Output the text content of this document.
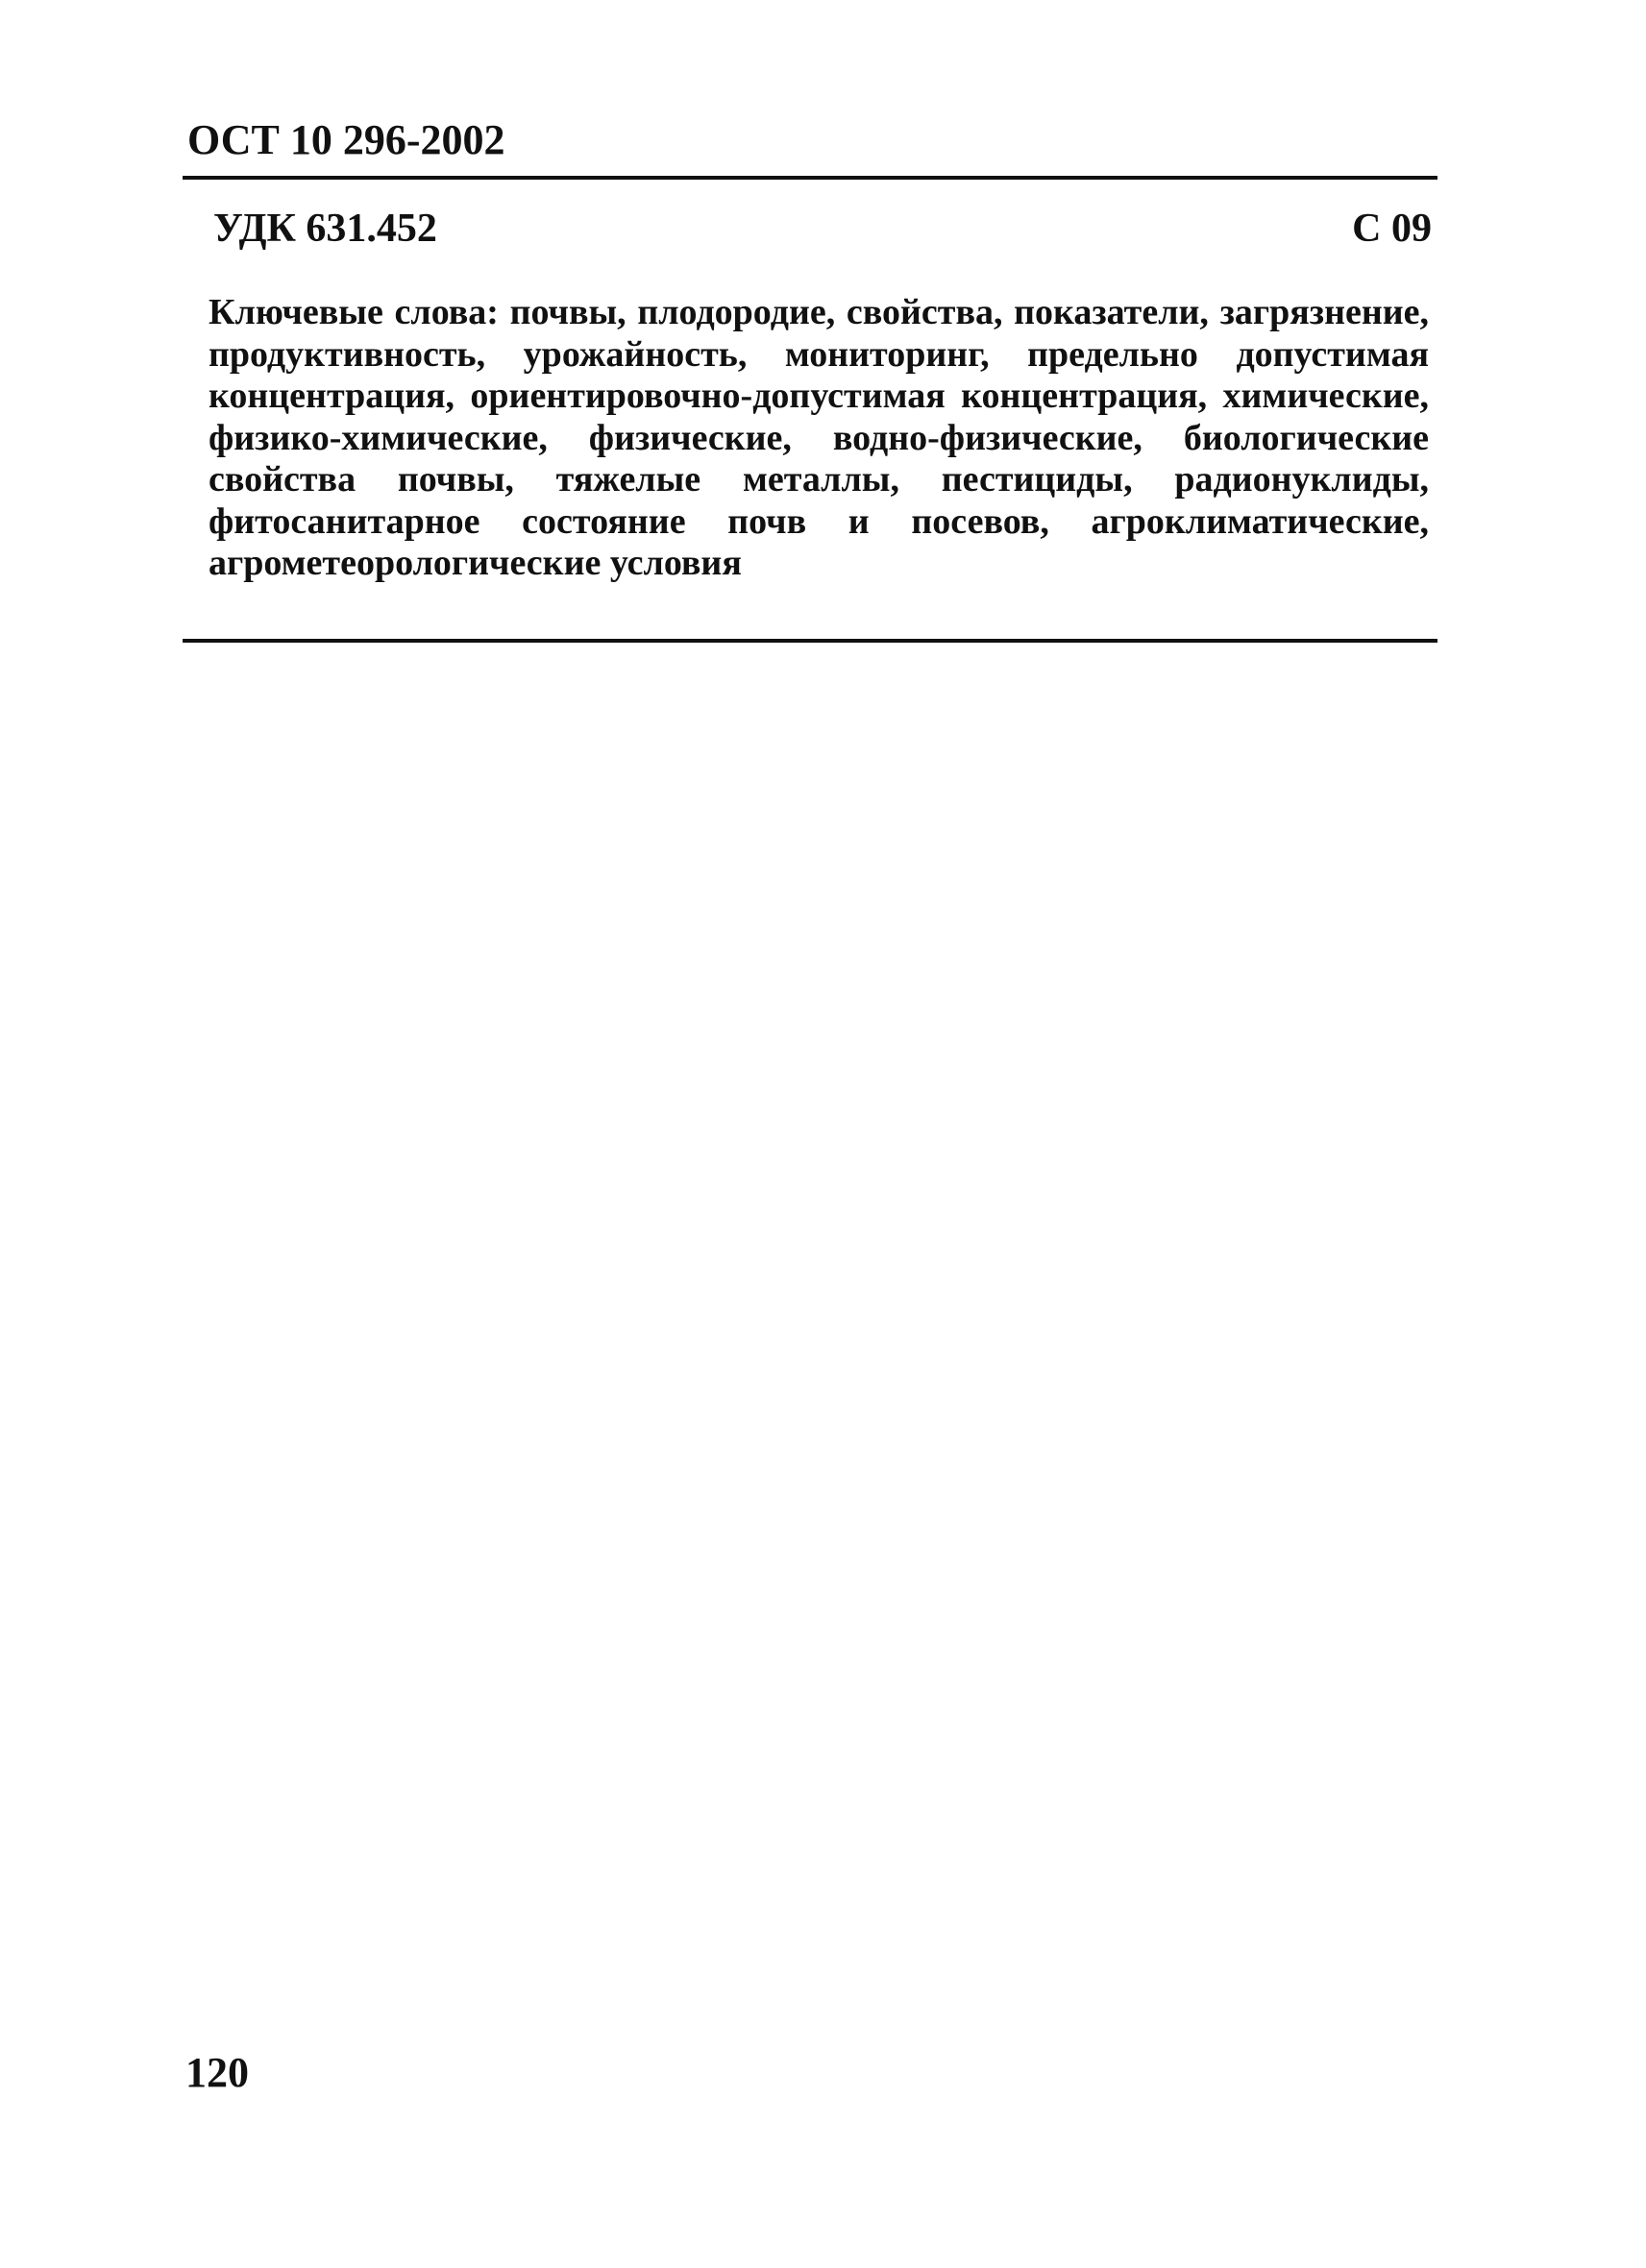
ОСТ 10 296-2002
УДК 631.452	С 09
Ключевые слова: почвы, плодородие, свойства, показатели, загрязнение, продуктивность, урожайность, мониторинг, предельно допустимая концентрация, ориентировочно-допустимая концентрация, химические, физико-химические, физические, водно-физические, биологические свойства почвы, тяжелые металлы, пестициды, радионуклиды, фитосанитарное состояние почв и посевов, агроклиматические, агрометеорологические условия
120
